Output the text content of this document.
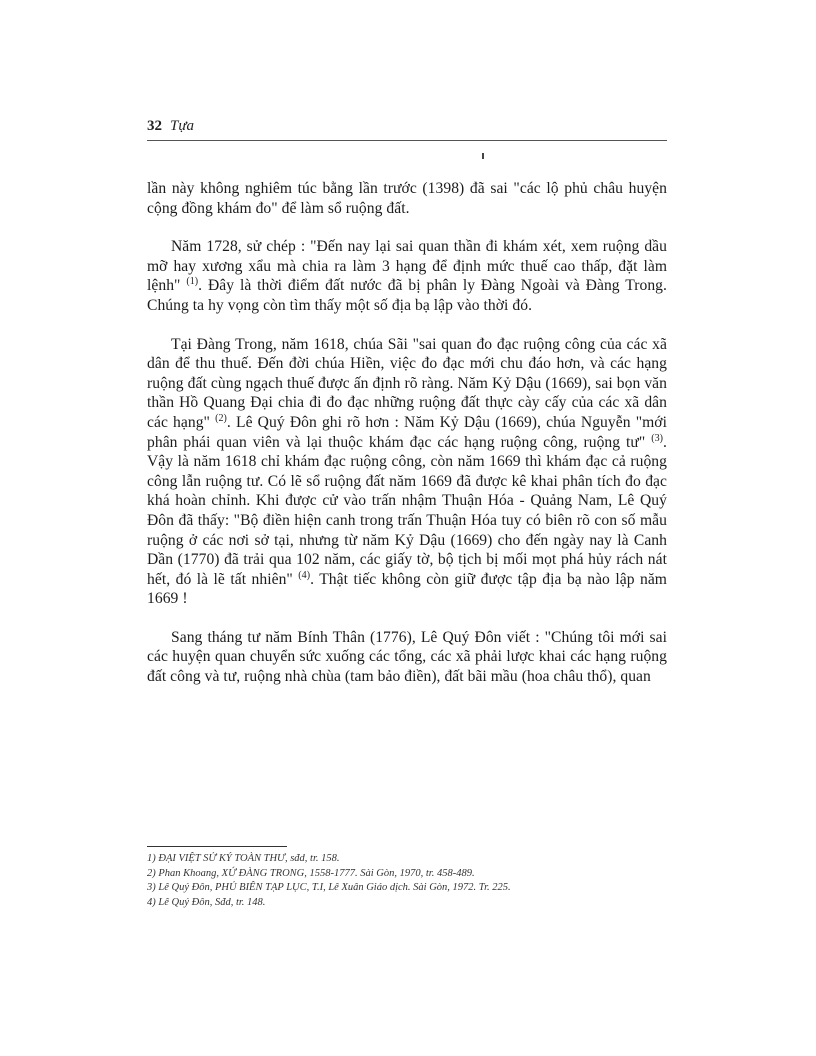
32 Tựa

lần này không nghiêm túc bằng lần trước (1398) đã sai "các lộ phủ châu huyện cộng đồng khám đo" để làm sổ ruộng đất.

Năm 1728, sử chép : "Đến nay lại sai quan thần đi khám xét, xem ruộng dầu mỡ hay xương xẩu mà chia ra làm 3 hạng để định mức thuế cao thấp, đặt làm lệnh" $^{(1)}$. Đây là thời điểm đất nước đã bị phân ly Đàng Ngoài và Đàng Trong. Chúng ta hy vọng còn tìm thấy một số địa bạ lập vào thời đó.

Tại Đàng Trong, năm 1618, chúa Sãi "sai quan đo đạc ruộng công của các xã dân để thu thuế. Đến đời chúa Hiền, việc đo đạc mới chu đáo hơn, và các hạng ruộng đất cùng ngạch thuế được ấn định rõ ràng. Năm Kỷ Dậu (1669), sai bọn văn thần Hồ Quang Đại chia đi đo đạc những ruộng đất thực cày cấy của các xã dân các hạng" $^{(2)}$. Lê Quý Đôn ghi rõ hơn : Năm Kỷ Dậu (1669), chúa Nguyễn "mới phân phái quan viên và lại thuộc khám đạc các hạng ruộng công, ruộng tư" $^{(3)}$. Vậy là năm 1618 chỉ khám đạc ruộng công, còn năm 1669 thì khám đạc cả ruộng công lẫn ruộng tư. Có lẽ sổ ruộng đất năm 1669 đã được kê khai phân tích đo đạc khá hoàn chỉnh. Khi được cử vào trấn nhậm Thuận Hóa - Quảng Nam, Lê Quý Đôn đã thấy: "Bộ điền hiện canh trong trấn Thuận Hóa tuy có biên rõ con số mẫu ruộng ở các nơi sở tại, nhưng từ năm Kỷ Dậu (1669) cho đến ngày nay là Canh Dần (1770) đã trải qua 102 năm, các giấy tờ, bộ tịch bị mối mọt phá hủy rách nát hết, đó là lẽ tất nhiên" $^{(4)}$. Thật tiếc không còn giữ được tập địa bạ nào lập năm 1669 !

Sang tháng tư năm Bính Thân (1776), Lê Quý Đôn viết : "Chúng tôi mới sai các huyện quan chuyển sức xuống các tổng, các xã phải lược khai các hạng ruộng đất công và tư, ruộng nhà chùa (tam bảo điền), đất bãi mầu (hoa châu thổ), quan

1) ĐẠI VIỆT SỬ KÝ TOÀN THƯ, sđd, tr. 158.
2) Phan Khoang, XỨ ĐÀNG TRONG, 1558-1777. Sài Gòn, 1970, tr. 458-489.
3) Lê Quý Đôn, PHỦ BIÊN TẠP LỤC, T.I, Lê Xuân Giáo dịch. Sài Gòn, 1972. Tr. 225.
4) Lê Quý Đôn, Sđd, tr. 148.
